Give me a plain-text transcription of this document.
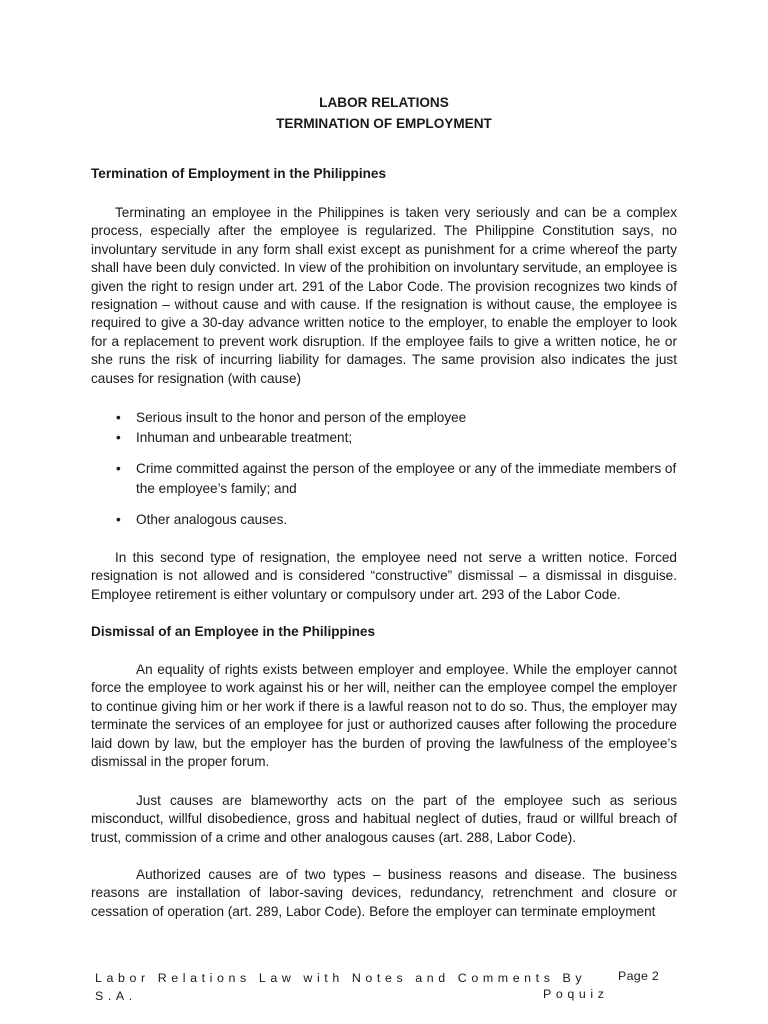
LABOR RELATIONS
TERMINATION OF EMPLOYMENT
Termination of Employment in the Philippines

Terminating an employee in the Philippines is taken very seriously and can be a complex process, especially after the employee is regularized. The Philippine Constitution says, no involuntary servitude in any form shall exist except as punishment for a crime whereof the party shall have been duly convicted. In view of the prohibition on involuntary servitude, an employee is given the right to resign under art. 291 of the Labor Code. The provision recognizes two kinds of resignation – without cause and with cause. If the resignation is without cause, the employee is required to give a 30-day advance written notice to the employer, to enable the employer to look for a replacement to prevent work disruption. If the employee fails to give a written notice, he or she runs the risk of incurring liability for damages. The same provision also indicates the just causes for resignation (with cause)

• Serious insult to the honor and person of the employee
• Inhuman and unbearable treatment;
• Crime committed against the person of the employee or any of the immediate members of the employee’s family; and
• Other analogous causes.

In this second type of resignation, the employee need not serve a written notice. Forced resignation is not allowed and is considered “constructive” dismissal – a dismissal in disguise. Employee retirement is either voluntary or compulsory under art. 293 of the Labor Code.

Dismissal of an Employee in the Philippines

An equality of rights exists between employer and employee. While the employer cannot force the employee to work against his or her will, neither can the employee compel the employer to continue giving him or her work if there is a lawful reason not to do so. Thus, the employer may terminate the services of an employee for just or authorized causes after following the procedure laid down by law, but the employer has the burden of proving the lawfulness of the employee’s dismissal in the proper forum.

Just causes are blameworthy acts on the part of the employee such as serious misconduct, willful disobedience, gross and habitual neglect of duties, fraud or willful breach of trust, commission of a crime and other analogous causes (art. 288, Labor Code).

Authorized causes are of two types – business reasons and disease. The business reasons are installation of labor-saving devices, redundancy, retrenchment and closure or cessation of operation (art. 289, Labor Code). Before the employer can terminate employment

Labor Relations Law with Notes and Comments By S.A.
Page 2
Poquiz
